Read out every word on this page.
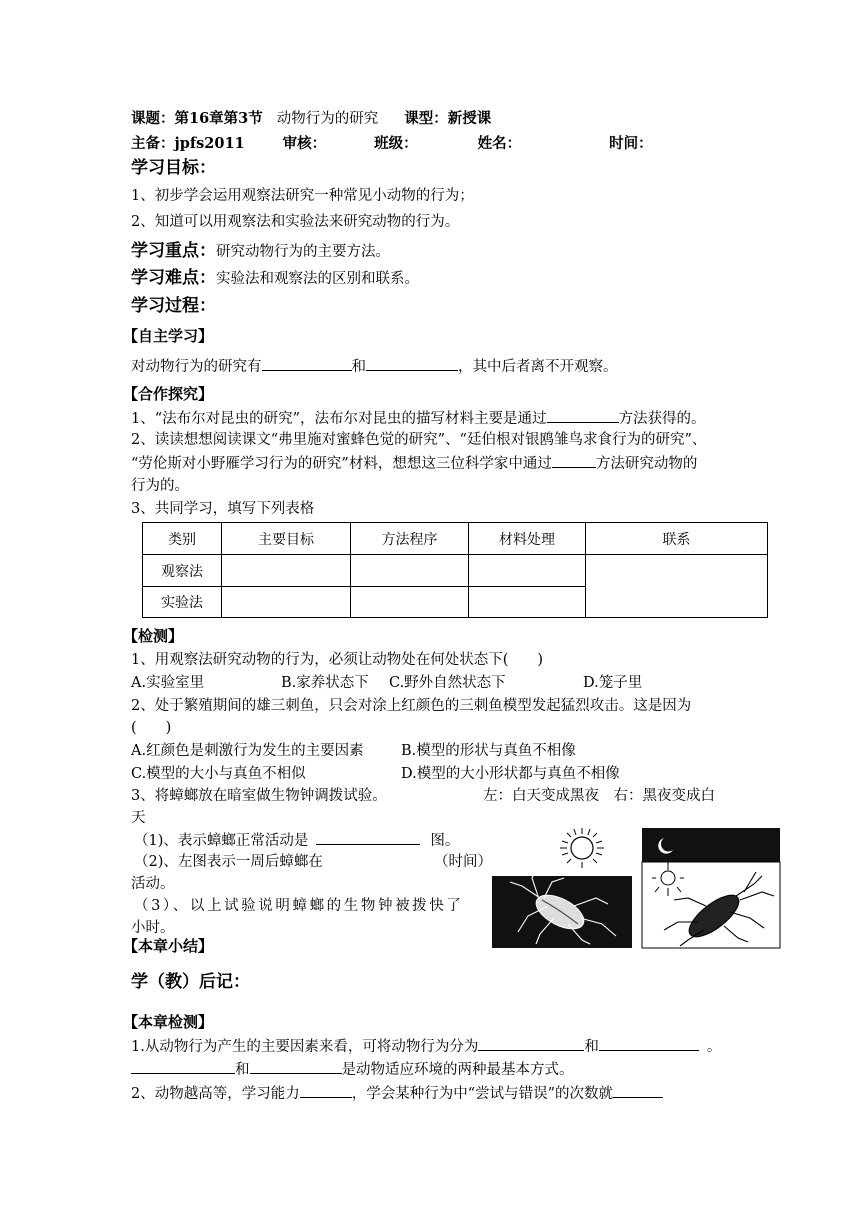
课题：第16章第3节 动物行为的研究 课型：新授课
主备：jpfs2011	审核：	班级：	姓名：	时间：
学习目标：
1、初步学会运用观察法研究一种常见小动物的行为；
2、知道可以用观察法和实验法来研究动物的行为。
学习重点：研究动物行为的主要方法。
学习难点：实验法和观察法的区别和联系。
学习过程：
【自主学习】
对动物行为的研究有	和	，其中后者离不开观察。
【合作探究】
1、“法布尔对昆虫的研究”，法布尔对昆虫的描写材料主要是通过	方法获得的。
2、读读想想阅读课文“弗里施对蜜蜂色觉的研究”、“廷伯根对银鸥雏鸟求食行为的研究”、
“劳伦斯对小野雁学习行为的研究”材料，想想这三位科学家中通过	方法研究动物的
行为的。
3、共同学习，填写下列表格
类别	主要目标	方法程序	材料处理	联系
观察法				
实验法				
【检测】
1、用观察法研究动物的行为，必须让动物处在何处状态下(　　)
A.实验室里	B.家养状态下 C.野外自然状态下	D.笼子里
2、处于繁殖期间的雄三刺鱼，只会对涂上红颜色的三刺鱼模型发起猛烈攻击。这是因为
(　　)
A.红颜色是刺激行为发生的主要因素	B.模型的形状与真鱼不相像
C.模型的大小与真鱼不相似	D.模型的大小形状都与真鱼不相像
3、将蟑螂放在暗室做生物钟调拨试验。	左：白天变成黑夜　右：黑夜变成白
天
（1)、表示蟑螂正常活动是	图。
（2)、左图表示一周后蟑螂在	（时间）
活动。
（3）、以上试验说明蟑螂的生物钟被拨快了
小时。
【本章小结】
学（教）后记：
【本章检测】
1.从动物行为产生的主要因素来看，可将动物行为分为	和	。
和	是动物适应环境的两种最基本方式。
2、动物越高等，学习能力	，学会某种行为中“尝试与错误”的次数就
